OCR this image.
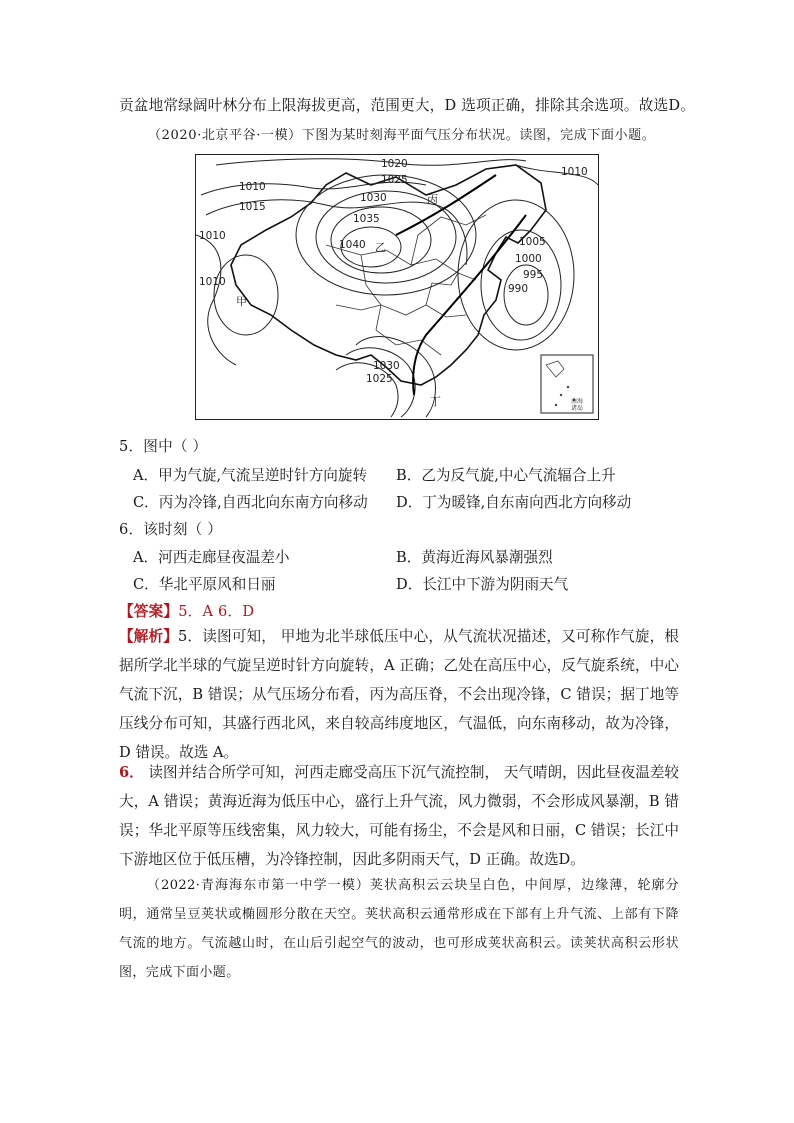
贡盆地常绿阔叶林分布上限海拔更高，范围更大，D 选项正确，排除其余选项。故选D。
（2020·北京平谷·一模）下图为某时刻海平面气压分布状况。读图，完成下面小题。
1020
1010
1025
1015
1030
1035
1040
1010
1010
1005
1000
995
990
1030
1025
1010
丙
乙
甲
丁	南海
诸岛
5．图中（ ）
A．甲为气旋,气流呈逆时针方向旋转 B．乙为反气旋,中心气流辐合上升
C．丙为冷锋,自西北向东南方向移动 D．丁为暖锋,自东南向西北方向移动
6．该时刻（ ）
A．河西走廊昼夜温差小	B．黄海近海风暴潮强烈
C．华北平原风和日丽	D．长江中下游为阴雨天气
【答案】5．A 6．D
【解析】5．读图可知， 甲地为北半球低压中心，从气流状况描述，又可称作气旋，根据所学北半球的气旋呈逆时针方向旋转，A 正确；乙处在高压中心，反气旋系统，中心气流下沉，B 错误；从气压场分布看，丙为高压脊，不会出现冷锋，C 错误；据丁地等压线分布可知，其盛行西北风，来自较高纬度地区，气温低，向东南移动，故为冷锋，D 错误。故选 A。
6． 读图并结合所学可知，河西走廊受高压下沉气流控制， 天气晴朗，因此昼夜温差较大，A 错误；黄海近海为低压中心，盛行上升气流，风力微弱，不会形成风暴潮，B 错误；华北平原等压线密集，风力较大，可能有扬尘，不会是风和日丽，C 错误；长江中下游地区位于低压槽，为冷锋控制，因此多阴雨天气，D 正确。故选D。
（2022·青海海东市第一中学一模）荚状高积云云块呈白色，中间厚，边缘薄，轮廓分明，通常呈豆荚状或椭圆形分散在天空。荚状高积云通常形成在下部有上升气流、上部有下降气流的地方。气流越山时，在山后引起空气的波动，也可形成荚状高积云。读荚状高积云形状图，完成下面小题。
